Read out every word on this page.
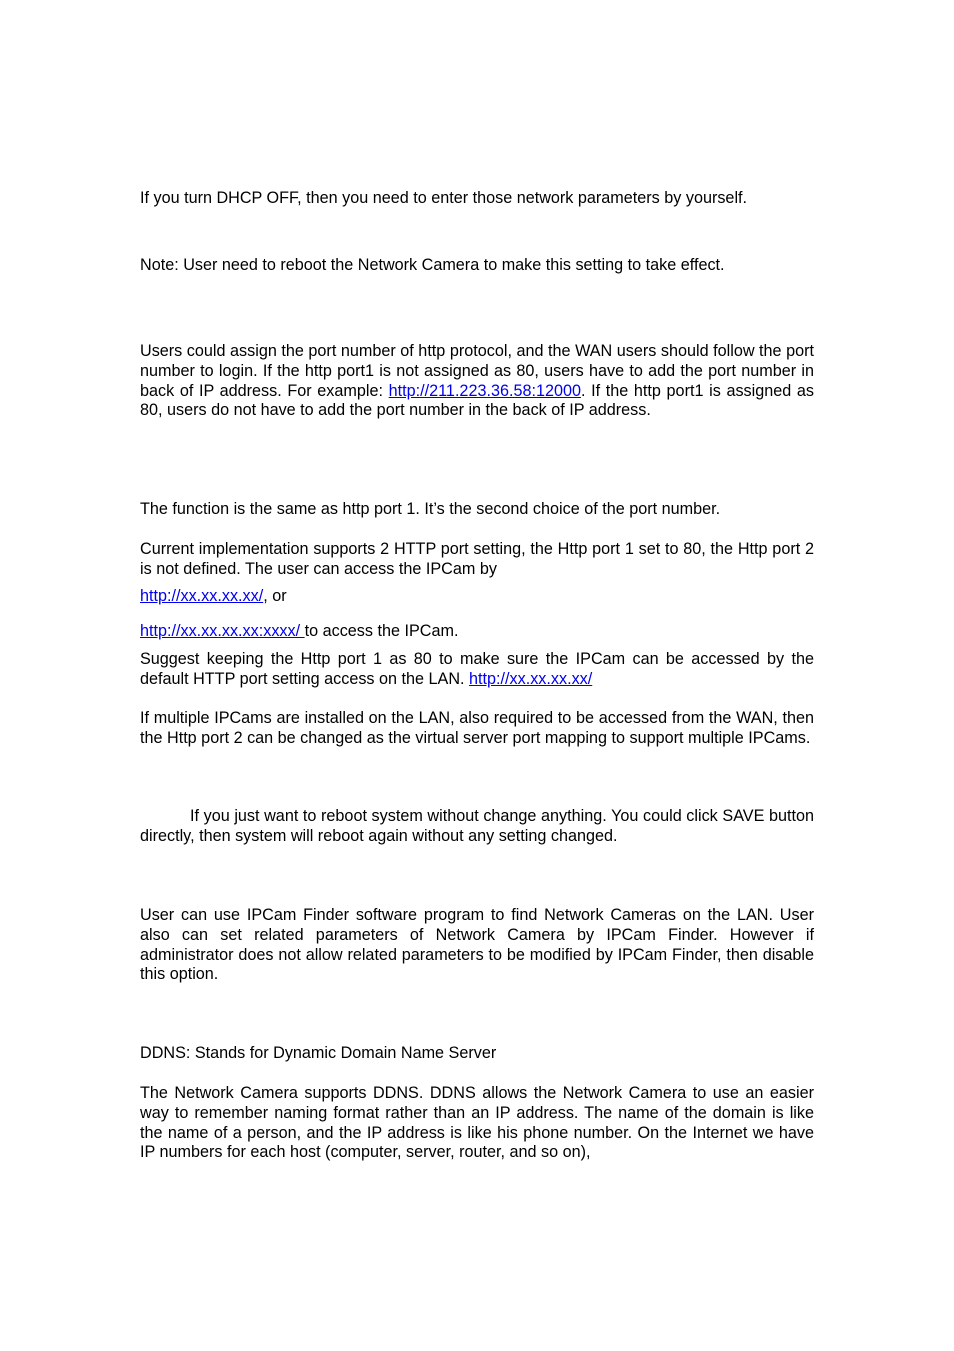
If you turn DHCP OFF, then you need to enter those network parameters by yourself.

Note: User need to reboot the Network Camera to make this setting to take effect.

Users could assign the port number of http protocol, and the WAN users should follow the port number to login. If the http port1 is not assigned as 80, users have to add the port number in back of IP address. For example: http://211.223.36.58:12000. If the http port1 is assigned as 80, users do not have to add the port number in the back of IP address.

The function is the same as http port 1. It’s the second choice of the port number.

Current implementation supports 2 HTTP port setting, the Http port 1 set to 80, the Http port 2 is not defined. The user can access the IPCam by

http://xx.xx.xx.xx/, or

http://xx.xx.xx.xx:xxxx/ to access the IPCam.

Suggest keeping the Http port 1 as 80 to make sure the IPCam can be accessed by the default HTTP port setting access on the LAN. http://xx.xx.xx.xx/

If multiple IPCams are installed on the LAN, also required to be accessed from the WAN, then the Http port 2 can be changed as the virtual server port mapping to support multiple IPCams.

If you just want to reboot system without change anything. You could click SAVE button directly, then system will reboot again without any setting changed.

User can use IPCam Finder software program to find Network Cameras on the LAN. User also can set related parameters of Network Camera by IPCam Finder. However if administrator does not allow related parameters to be modified by IPCam Finder, then disable this option.

DDNS: Stands for Dynamic Domain Name Server

The Network Camera supports DDNS. DDNS allows the Network Camera to use an easier way to remember naming format rather than an IP address. The name of the domain is like the name of a person, and the IP address is like his phone number. On the Internet we have IP numbers for each host (computer, server, router, and so on),
